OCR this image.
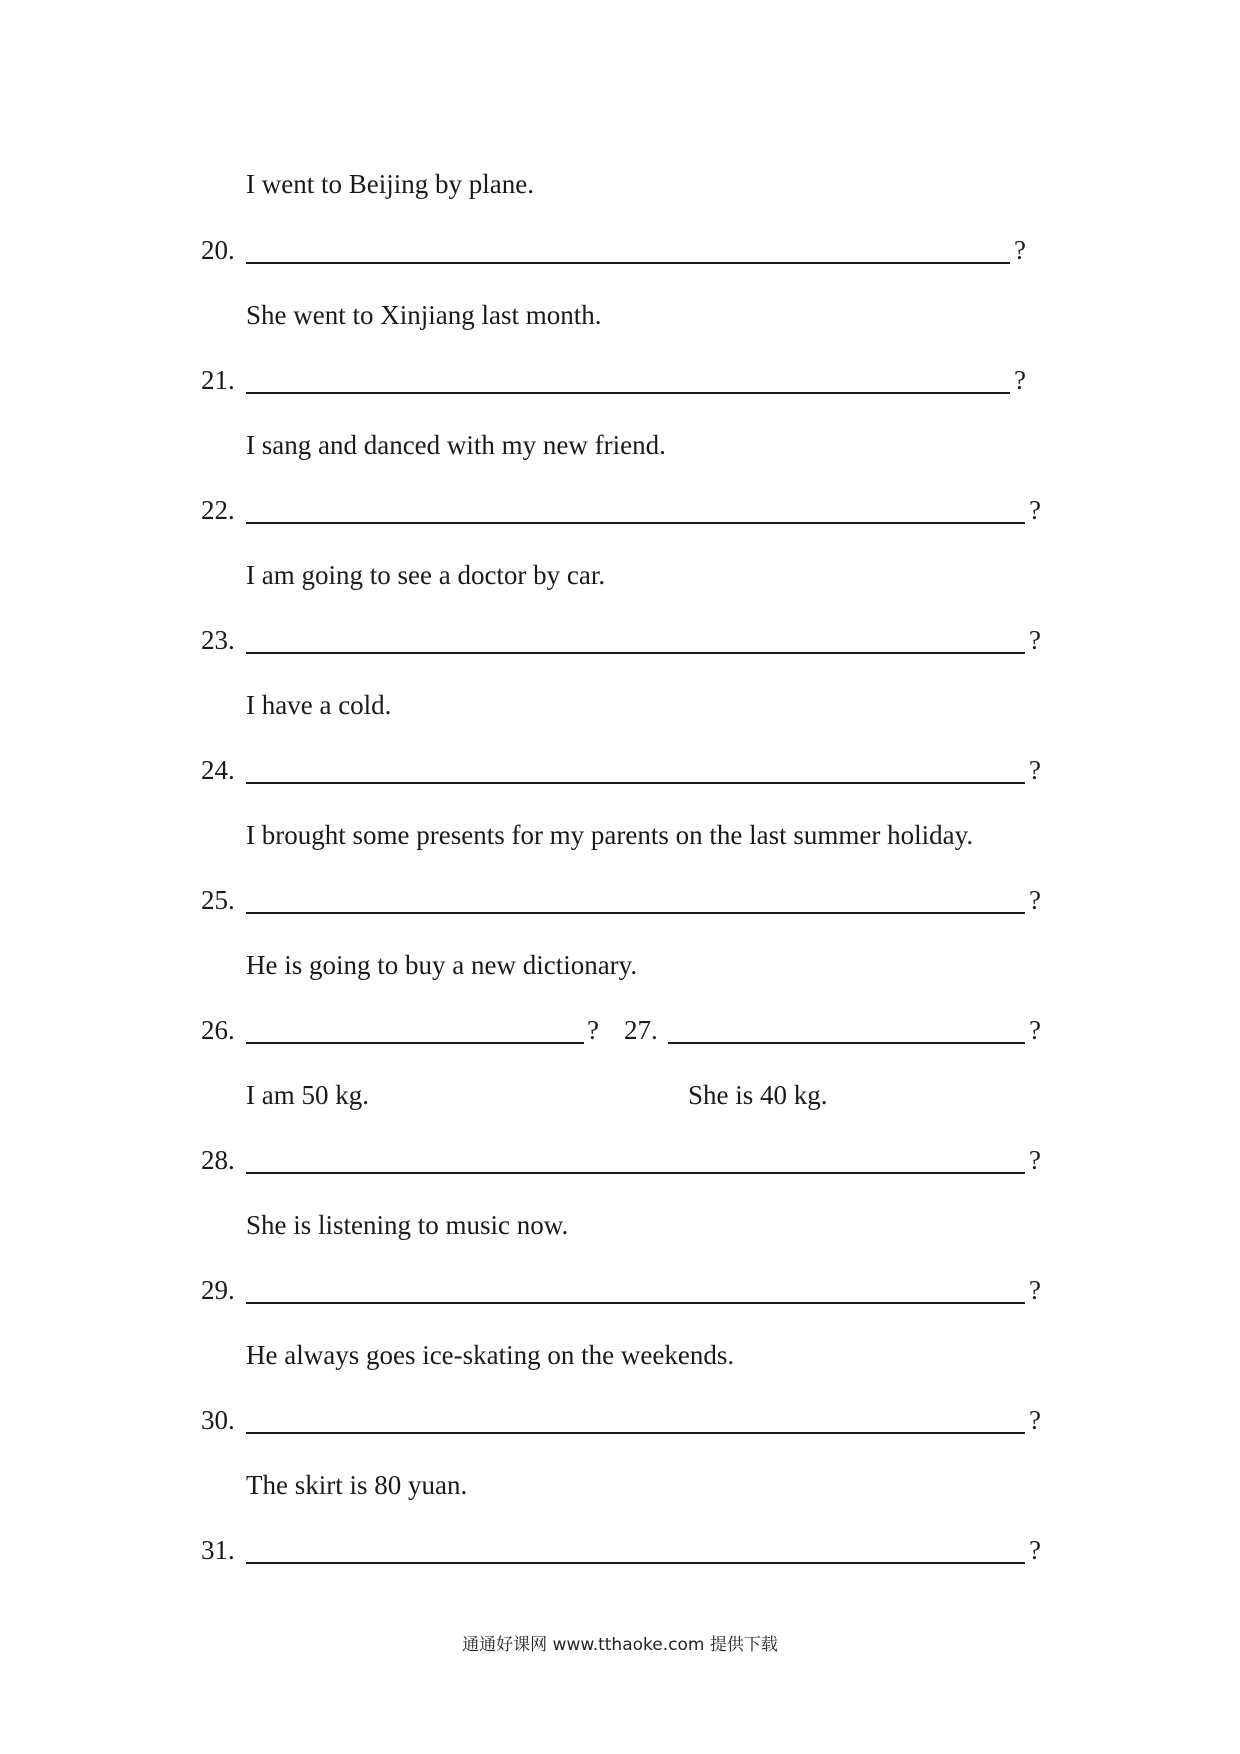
I went to Beijing by plane.
20.	?
She went to Xinjiang last month.
21.	?
I sang and danced with my new friend.
22.	?
I am going to see a doctor by car.
23.	?
I have a cold.
24.	?
I brought some presents for my parents on the last summer holiday.
25.	?
He is going to buy a new dictionary.
26.	? 27.	?
I am 50 kg.	She is 40 kg.
28.	?
She is listening to music now.
29.	?
He always goes ice-skating on the weekends.
30.	?
The skirt is 80 yuan.
31.	?
通通好课网 www.tthaoke.com 提供下载
